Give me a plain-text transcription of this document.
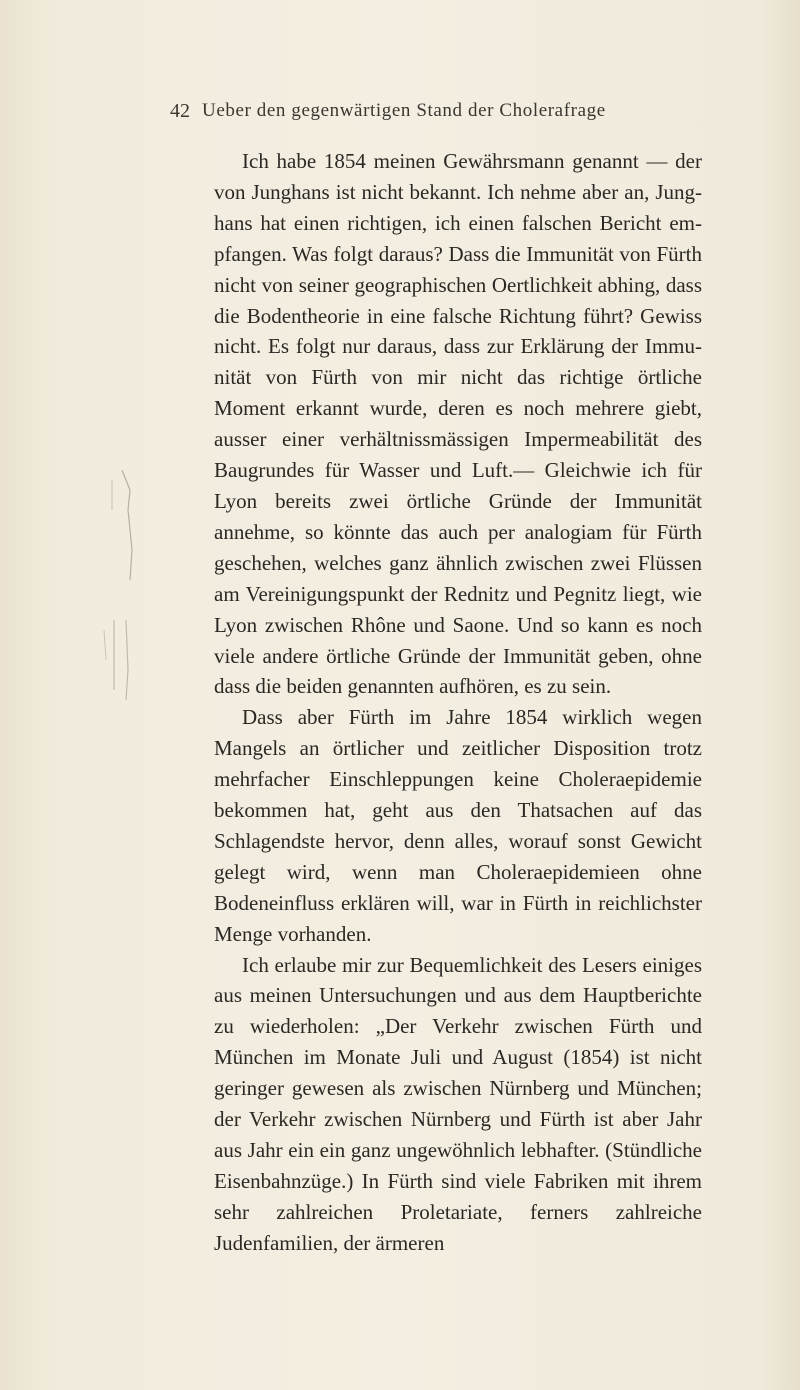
42 Ueber den gegenwärtigen Stand der Cholerafrage

Ich habe 1854 meinen Gewährsmann genannt — der von Junghans ist nicht bekannt. Ich nehme aber an, Junghans hat einen richtigen, ich einen falschen Bericht empfangen. Was folgt daraus? Dass die Immunität von Fürth nicht von seiner geographischen Oertlichkeit abhing, dass die Bodentheorie in eine falsche Richtung führt? Gewiss nicht. Es folgt nur daraus, dass zur Erklärung der Immunität von Fürth von mir nicht das richtige örtliche Moment erkannt wurde, deren es noch mehrere giebt, ausser einer verhältnissmässigen Impermeabilität des Baugrundes für Wasser und Luft.— Gleichwie ich für Lyon bereits zwei örtliche Gründe der Immunität annehme, so könnte das auch per analogiam für Fürth geschehen, welches ganz ähnlich zwischen zwei Flüssen am Vereinigungspunkt der Rednitz und Pegnitz liegt, wie Lyon zwischen Rhône und Saone. Und so kann es noch viele andere örtliche Gründe der Immunität geben, ohne dass die beiden genannten aufhören, es zu sein.

Dass aber Fürth im Jahre 1854 wirklich wegen Mangels an örtlicher und zeitlicher Disposition trotz mehrfacher Einschleppungen keine Choleraepidemie bekommen hat, geht aus den Thatsachen auf das Schlagendste hervor, denn alles, worauf sonst Gewicht gelegt wird, wenn man Choleraepidemieen ohne Bodeneinfluss erklären will, war in Fürth in reichlichster Menge vorhanden.

Ich erlaube mir zur Bequemlichkeit des Lesers einiges aus meinen Untersuchungen und aus dem Hauptberichte zu wiederholen: „Der Verkehr zwischen Fürth und München im Monate Juli und August (1854) ist nicht geringer gewesen als zwischen Nürnberg und München; der Verkehr zwischen Nürnberg und Fürth ist aber Jahr aus Jahr ein ein ganz ungewöhnlich lebhafter. (Stündliche Eisenbahnzüge.) In Fürth sind viele Fabriken mit ihrem sehr zahlreichen Proletariate, ferners zahlreiche Judenfamilien, der ärmeren
